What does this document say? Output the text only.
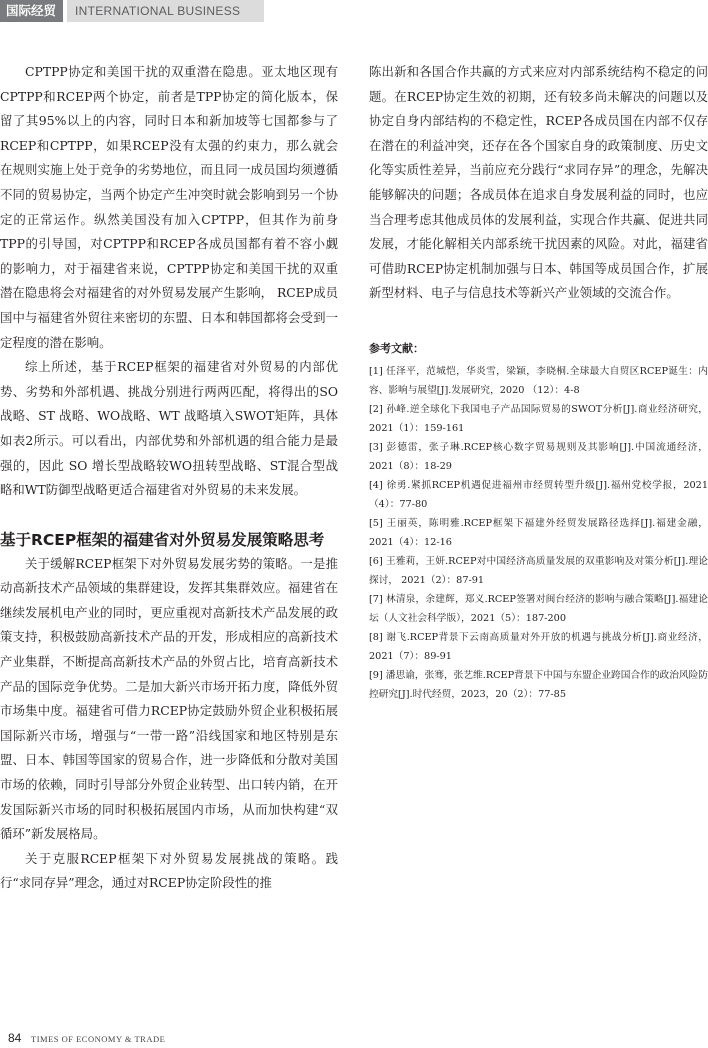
国际经贸	INTERNATIONAL BUSINESS

CPTPP协定和美国干扰的双重潜在隐患。亚太地区现有CPTPP和RCEP两个协定，前者是TPP协定的简化版本，保留了其95%以上的内容，同时日本和新加坡等七国都参与了RCEP和CPTPP，如果RCEP没有太强的约束力，那么就会在规则实施上处于竞争的劣势地位，而且同一成员国均须遵循不同的贸易协定，当两个协定产生冲突时就会影响到另一个协定的正常运作。纵然美国没有加入CPTPP，但其作为前身TPP的引导国，对CPTPP和RCEP各成员国都有着不容小觑的影响力，对于福建省来说，CPTPP协定和美国干扰的双重潜在隐患将会对福建省的对外贸易发展产生影响， RCEP成员国中与福建省外贸往来密切的东盟、日本和韩国都将会受到一定程度的潜在影响。

综上所述，基于RCEP框架的福建省对外贸易的内部优势、劣势和外部机遇、挑战分别进行两两匹配，将得出的SO战略、ST 战略、WO战略、WT 战略填入SWOT矩阵，具体如表2所示。可以看出，内部优势和外部机遇的组合能力是最强的，因此 SO 增长型战略较WO扭转型战略、ST混合型战略和WT防御型战略更适合福建省对外贸易的未来发展。

基于RCEP框架的福建省对外贸易发展策略思考

关于缓解RCEP框架下对外贸易发展劣势的策略。一是推动高新技术产品领域的集群建设，发挥其集群效应。福建省在继续发展机电产业的同时，更应重视对高新技术产品发展的政策支持，积极鼓励高新技术产品的开发，形成相应的高新技术产业集群，不断提高高新技术产品的外贸占比，培育高新技术产品的国际竞争优势。二是加大新兴市场开拓力度，降低外贸市场集中度。福建省可借力RCEP协定鼓励外贸企业积极拓展国际新兴市场，增强与“一带一路”沿线国家和地区特别是东盟、日本、韩国等国家的贸易合作，进一步降低和分散对美国市场的依赖，同时引导部分外贸企业转型、出口转内销，在开发国际新兴市场的同时积极拓展国内市场，从而加快构建“双循环”新发展格局。

关于克服RCEP框架下对外贸易发展挑战的策略。践行“求同存异”理念，通过对RCEP协定阶段性的推

陈出新和各国合作共赢的方式来应对内部系统结构不稳定的问题。在RCEP协定生效的初期，还有较多尚未解决的问题以及协定自身内部结构的不稳定性，RCEP各成员国在内部不仅存在潜在的利益冲突，还存在各个国家自身的政策制度、历史文化等实质性差异，当前应充分践行“求同存异”的理念，先解决能够解决的问题；各成员体在追求自身发展利益的同时，也应当合理考虑其他成员体的发展利益，实现合作共赢、促进共同发展，才能化解相关内部系统干扰因素的风险。对此，福建省可借助RCEP协定机制加强与日本、韩国等成员国合作，扩展新型材料、电子与信息技术等新兴产业领域的交流合作。

参考文献：

[1] 任泽平，范城恺，华炎雪，梁颖，李晓桐.全球最大自贸区RCEP诞生：内容、影响与展望[J].发展研究，2020 （12）：4-8

[2] 孙峰.逆全球化下我国电子产品国际贸易的SWOT分析[J].商业经济研究，2021（1）：159-161

[3] 彭德雷，张子琳.RCEP核心数字贸易规则及其影响[J].中国流通经济，2021（8）：18-29

[4] 徐勇.紧抓RCEP机遇促进福州市经贸转型升级[J].福州党校学报，2021（4）：77-80

[5] 王丽英，陈明雅.RCEP框架下福建外经贸发展路径选择[J].福建金融，2021（4）：12-16

[6] 王雅莉，王妍.RCEP对中国经济高质量发展的双重影响及对策分析[J].理论探讨， 2021（2）：87-91

[7] 林清泉，余建辉，郑义.RCEP签署对闽台经济的影响与融合策略[J].福建论坛（人文社会科学版），2021（5）：187-200

[8] 谢飞.RCEP背景下云南高质量对外开放的机遇与挑战分析[J].商业经济，2021（7）：89-91

[9] 潘思谕，张骞，张艺维.RCEP背景下中国与东盟企业跨国合作的政治风险防控研究[J].时代经贸，2023，20（2）：77-85

84 TIMES OF ECONOMY & TRADE
